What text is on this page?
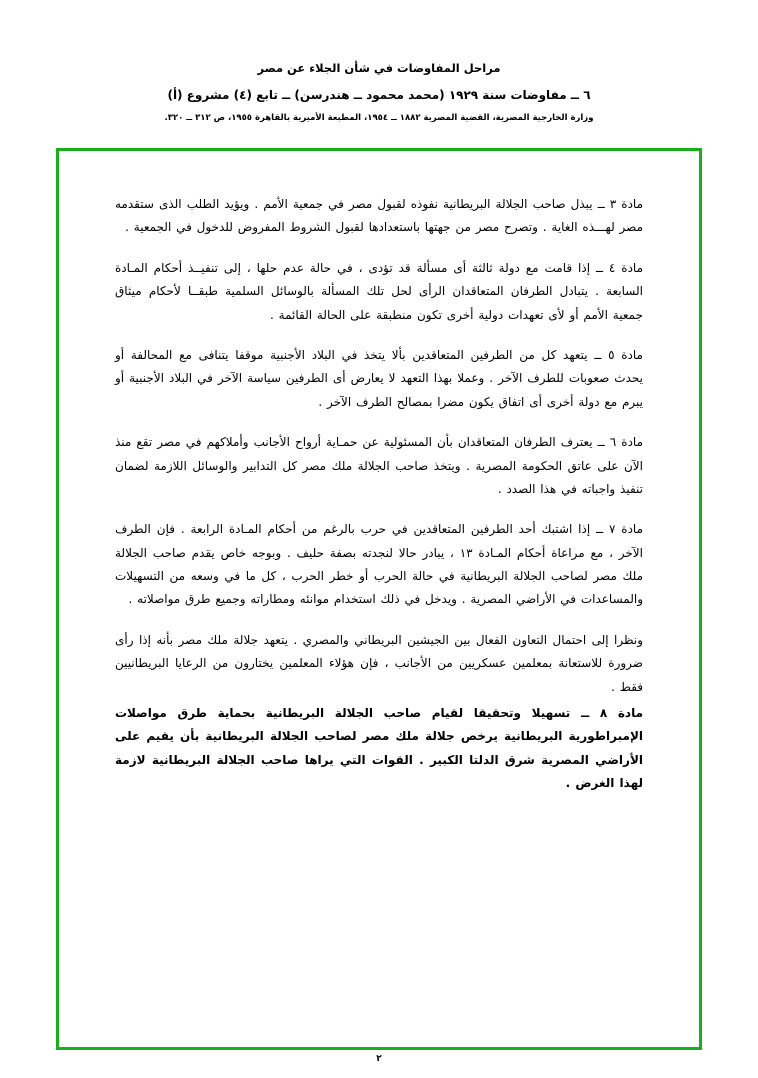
مراحل المفاوضات في شأن الجلاء عن مصر
٦ ــ مفاوضات سنة ١٩٢٩ (محمد محمود ــ هندرسن) ــ تابع (٤) مشروع (أ)
وزارة الخارجية المصرية، القضية المصرية ١٨٨٢ ــ ١٩٥٤، المطبعة الأميرية بالقاهرة ١٩٥٥، ص ٣١٢ ــ ٣٢٠.

مادة ٣ ــ يبذل صاحب الجلالة البريطانية نفوذه لقبول مصر في جمعية الأمم . ويؤيد الطلب الذى ستقدمه مصر لهـــذه الغاية . وتصرح مصر من جهتها باستعدادها لقبول الشروط المفروض للدخول في الجمعية .

مادة ٤ ــ إذا قامت مع دولة ثالثة أى مسألة قد تؤدى ، في حالة عدم حلها ، إلى تنفيــذ أحكام المـادة السابعة . يتبادل الطرفان المتعاقدان الرأى لحل تلك المسألة بالوسائل السلمية طبقــا لأحكام ميثاق جمعية الأمم أو لأى تعهدات دولية أخرى تكون منطبقة على الحالة القائمة .

مادة ٥ ــ يتعهد كل من الطرفين المتعاقدين بألا يتخذ في البلاد الأجنبية موقفا يتنافى مع المحالفة أو يحدث صعوبات للطرف الآخر . وعملا بهذا التعهد لا يعارض أى الطرفين سياسة الآخر في البلاد الأجنبية أو يبرم مع دولة أخرى أى اتفاق يكون مضرا بمصالح الطرف الآخر .

مادة ٦ ــ يعترف الطرفان المتعاقدان بأن المسئولية عن حمـاية أرواح الأجانب وأملاكهم في مصر تقع منذ الآن على عاتق الحكومة المصرية . ويتخذ صاحب الجلالة ملك مصر كل التدابير والوسائل اللازمة لضمان تنفيذ واجباته في هذا الصدد .

مادة ٧ ــ إذا اشتبك أحد الطرفين المتعاقدين في حرب بالرغم من أحكام المـادة الرابعة . فإن الطرف الآخر ، مع مراعاة أحكام المـادة ١٣ ، يبادر حالا لنجدته بصفة حليف . وبوجه خاص يقدم صاحب الجلالة ملك مصر لصاحب الجلالة البريطانية في حالة الحرب أو خطر الحرب ، كل ما في وسعه من التسهيلات والمساعدات في الأراضي المصرية . ويدخل في ذلك استخدام موانئه ومطاراته وجميع طرق مواصلاته .

ونظرا إلى احتمال التعاون الفعال بين الجيشين البريطاني والمصري . يتعهد جلالة ملك مصر بأنه إذا رأى ضرورة للاستعانة بمعلمين عسكريين من الأجانب ، فإن هؤلاء المعلمين يختارون من الرعايا البريطانيين فقط .

مادة ٨ ــ تسهيلا وتحقيقا لقيام صاحب الجلالة البريطانية بحماية طرق مواصلات الإمبراطورية البريطانية يرخص جلالة ملك مصر لصاحب الجلالة البريطانية بأن يقيم على الأراضي المصرية شرق الدلتا الكبير . القوات التي يراها صاحب الجلالة البريطانية لازمة لهذا الغرض .

٢
